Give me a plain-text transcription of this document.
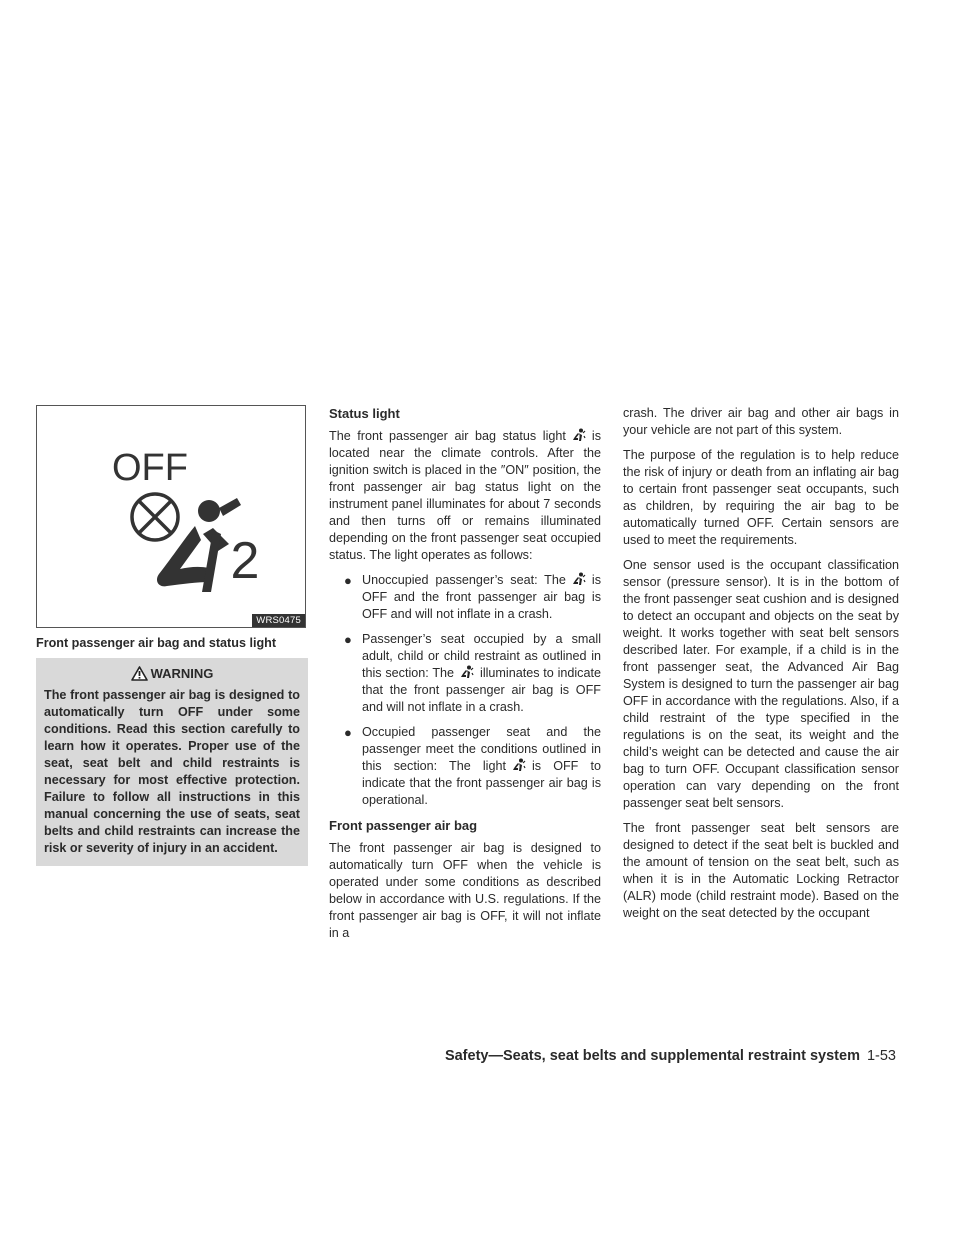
OFF
2
WRS0475
Front passenger air bag and status light
WARNING
The front passenger air bag is designed to automatically turn OFF under some conditions. Read this section carefully to learn how it operates. Proper use of the seat, seat belt and child restraints is necessary for most effective protection. Failure to follow all instructions in this manual concerning the use of seats, seat belts and child restraints can increase the risk or severity of injury in an accident.
Status light

The front passenger air bag status light is located near the climate controls. After the ignition switch is placed in the ″ON″ position, the front passenger air bag status light on the instrument panel illuminates for about 7 seconds and then turns off or remains illuminated depending on the front passenger seat occupied status. The light operates as follows:

● Unoccupied passenger’s seat: The is OFF and the front passenger air bag is OFF and will not inflate in a crash.
● Passenger’s seat occupied by a small adult, child or child restraint as outlined in this section: The illuminates to indicate that the front passenger air bag is OFF and will not inflate in a crash.
● Occupied passenger seat and the passenger meet the conditions outlined in this section: The light is OFF to indicate that the front passenger air bag is operational.
Front passenger air bag

The front passenger air bag is designed to automatically turn OFF when the vehicle is operated under some conditions as described below in accordance with U.S. regulations. If the front passenger air bag is OFF, it will not inflate in a

crash. The driver air bag and other air bags in your vehicle are not part of this system.

The purpose of the regulation is to help reduce the risk of injury or death from an inflating air bag to certain front passenger seat occupants, such as children, by requiring the air bag to be automatically turned OFF. Certain sensors are used to meet the requirements.

One sensor used is the occupant classification sensor (pressure sensor). It is in the bottom of the front passenger seat cushion and is designed to detect an occupant and objects on the seat by weight. It works together with seat belt sensors described later. For example, if a child is in the front passenger seat, the Advanced Air Bag System is designed to turn the passenger air bag OFF in accordance with the regulations. Also, if a child restraint of the type specified in the regulations is on the seat, its weight and the child’s weight can be detected and cause the air bag to turn OFF. Occupant classification sensor operation can vary depending on the front passenger seat belt sensors.

The front passenger seat belt sensors are designed to detect if the seat belt is buckled and the amount of tension on the seat belt, such as when it is in the Automatic Locking Retractor (ALR) mode (child restraint mode). Based on the weight on the seat detected by the occupant

Safety—Seats, seat belts and supplemental restraint system 1-53
